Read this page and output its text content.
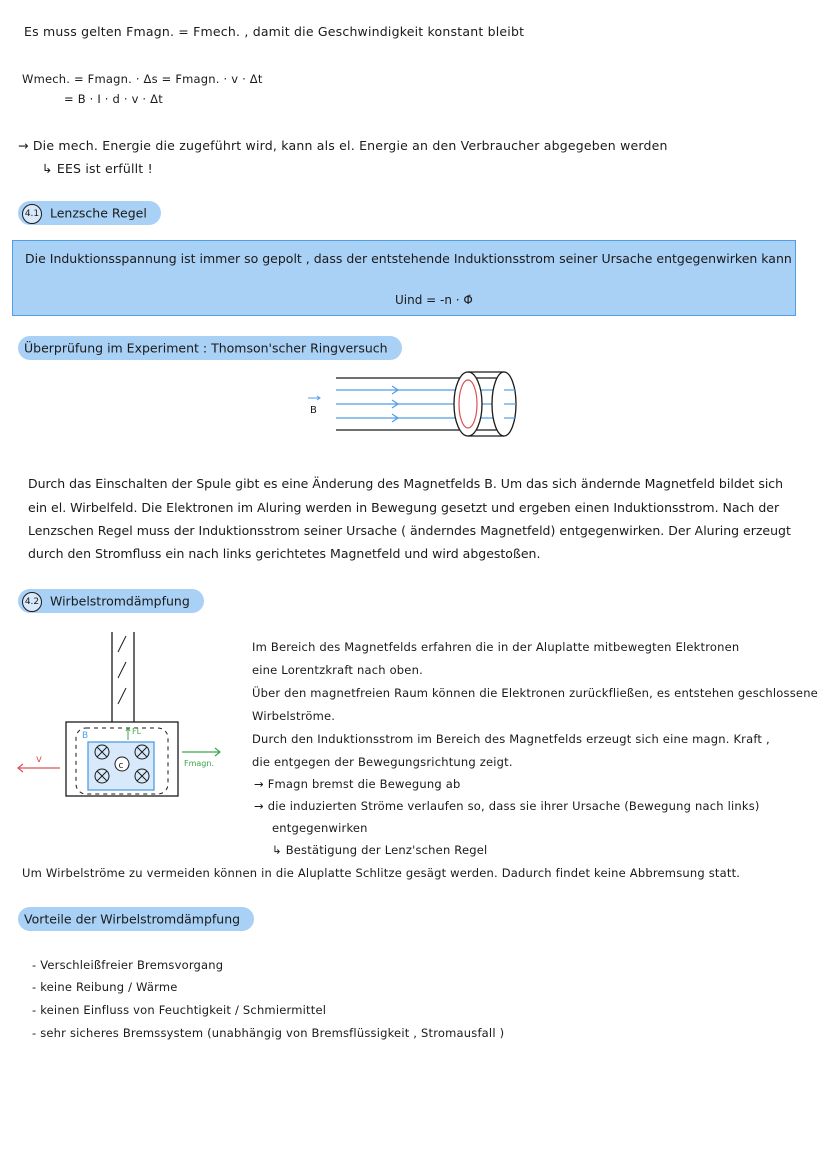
Es muss gelten Fmagn. = Fmech. , damit die Geschwindigkeit konstant bleibt
Wmech. = Fmagn. · Δs = Fmagn. · v · Δt
= B · I · d · v · Δt
→ Die mech. Energie die zugeführt wird, kann als el. Energie an den Verbraucher abgegeben werden
↳ EES ist erfüllt !
4.1 Lenzsche Regel
Die Induktionsspannung ist immer so gepolt , dass der entstehende Induktionsstrom seiner Ursache entgegenwirken kann
Uind = -n · Φ̇
Überprüfung im Experiment : Thomson'scher Ringversuch
B
Durch das Einschalten der Spule gibt es eine Änderung des Magnetfelds B. Um das sich ändernde Magnetfeld bildet sich
ein el. Wirbelfeld. Die Elektronen im Aluring werden in Bewegung gesetzt und ergeben einen Induktionsstrom. Nach der
Lenzschen Regel muss der Induktionsstrom seiner Ursache ( änderndes Magnetfeld) entgegenwirken. Der Aluring erzeugt
durch den Stromfluss ein nach links gerichtetes Magnetfeld und wird abgestoßen.
4.2 Wirbelstromdämpfung
c
B	FL
v	Fmagn.
Im Bereich des Magnetfelds erfahren die in der Aluplatte mitbewegten Elektronen
eine Lorentzkraft nach oben.
Über den magnetfreien Raum können die Elektronen zurückfließen, es entstehen geschlossene
Wirbelströme.
Durch den Induktionsstrom im Bereich des Magnetfelds erzeugt sich eine magn. Kraft ,
die entgegen der Bewegungsrichtung zeigt.
→ Fmagn bremst die Bewegung ab
→ die induzierten Ströme verlaufen so, dass sie ihrer Ursache (Bewegung nach links)
entgegenwirken
↳ Bestätigung der Lenz'schen Regel
Um Wirbelströme zu vermeiden können in die Aluplatte Schlitze gesägt werden. Dadurch findet keine Abbremsung statt.
Vorteile der Wirbelstromdämpfung
- Verschleißfreier Bremsvorgang
- keine Reibung / Wärme
- keinen Einfluss von Feuchtigkeit / Schmiermittel
- sehr sicheres Bremssystem (unabhängig von Bremsflüssigkeit , Stromausfall )
